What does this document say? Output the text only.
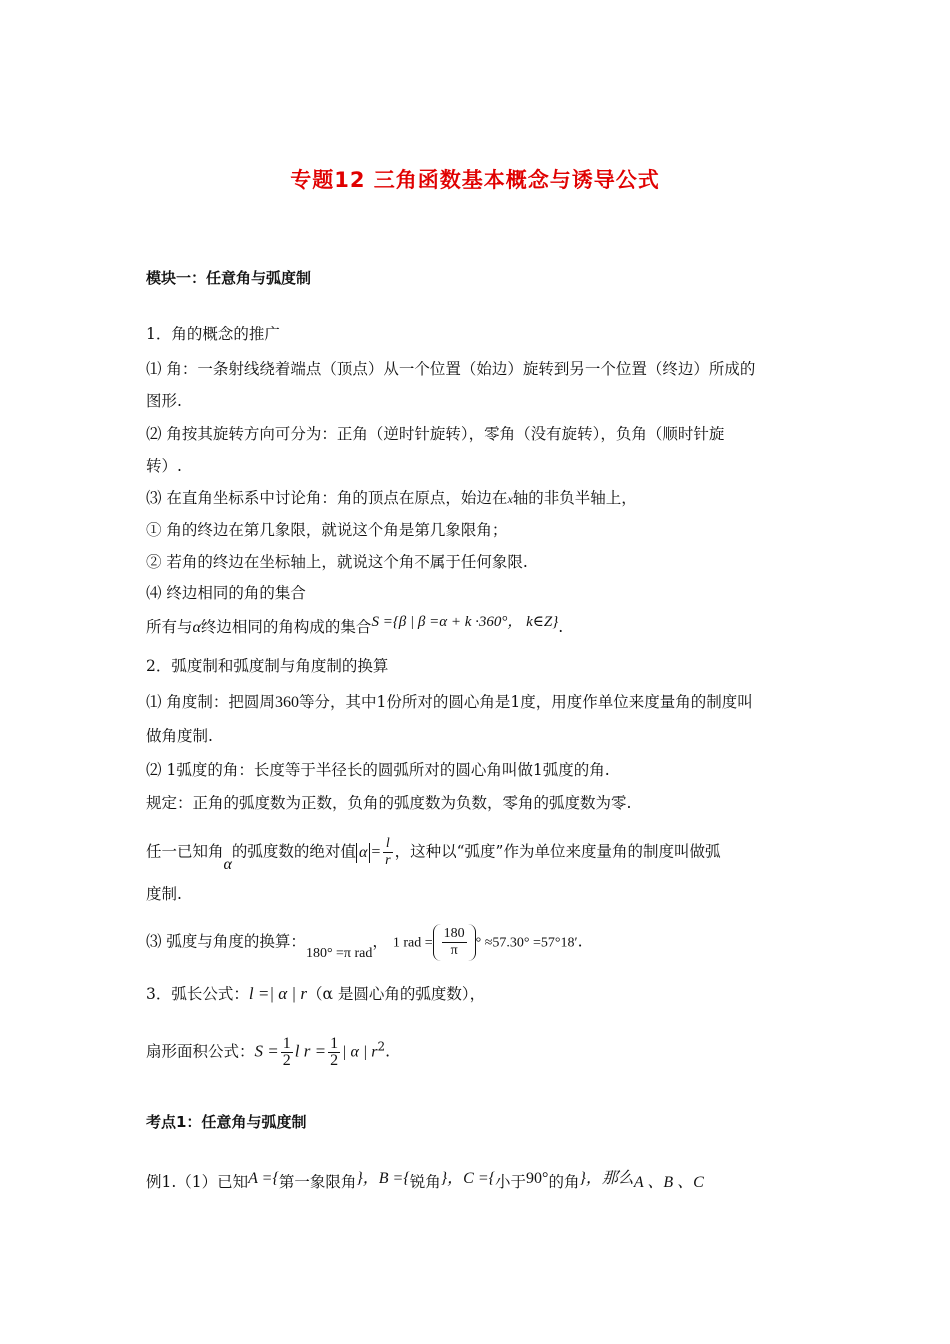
专题12 三角函数基本概念与诱导公式
模块一：任意角与弧度制
1．角的概念的推广
⑴ 角：一条射线绕着端点（顶点）从一个位置（始边）旋转到另一个位置（终边）所成的
图形.
⑵ 角按其旋转方向可分为：正角（逆时针旋转），零角（没有旋转），负角（顺时针旋
转）.
⑶ 在直角坐标系中讨论角：角的顶点在原点，始边在x轴的非负半轴上，
① 角的终边在第几象限，就说这个角是第几象限角；
② 若角的终边在坐标轴上，就说这个角不属于任何象限.
⑷ 终边相同的角的集合
所有与α终边相同的角构成的集合S ={β | β =α + k ·360°， k∈Z}.
2．弧度制和弧度制与角度制的换算
⑴ 角度制：把圆周360等分，其中1份所对的圆心角是1度，用度作单位来度量角的制度叫
做角度制.
⑵ 1弧度的角：长度等于半径长的圆弧所对的圆心角叫做1弧度的角.
规定：正角的弧度数为正数，负角的弧度数为负数，零角的弧度数为零.
任一已知角α的弧度数的绝对值 $\alpha = \frac{l}{r}$ ，这种以“弧度”作为单位来度量角的制度叫做弧
度制.
⑶ 弧度与角度的换算：180° =π rad， 1 rad = $\frac{180}{\pi}$ ° ≈57.30° =57°18′.
3．弧长公式：l =| α | r（α 是圆心角的弧度数），
扇形面积公式：$S = \frac{1}{2}$ l $r = \frac{1}{2}$ | α | $r^2$.
考点1：任意角与弧度制
例1.（1）已知A ={第一象限角}，B ={锐角}，C ={小于90°的角}，那么A 、B 、C
